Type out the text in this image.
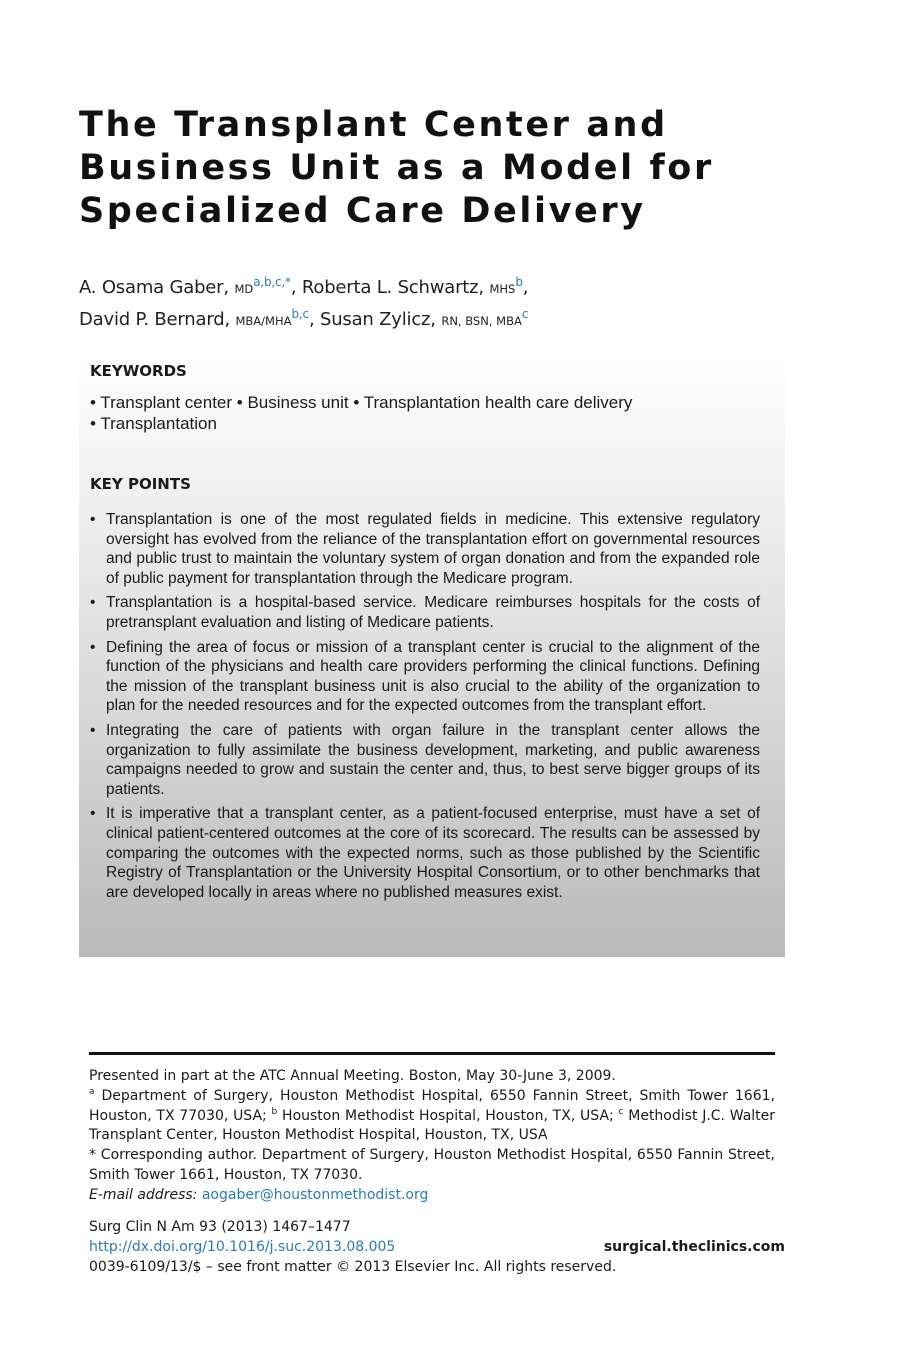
The Transplant Center and
Business Unit as a Model for
Specialized Care Delivery
A. Osama Gaber, MD$^{a,b,c,*}$, Roberta L. Schwartz, MHS$^b$,
David P. Bernard, MBA/MHA$^{b,c}$, Susan Zylicz, RN, BSN, MBA$^c$
KEYWORDS
• Transplant center • Business unit • Transplantation health care delivery
• Transplantation
KEY POINTS
• Transplantation is one of the most regulated fields in medicine. This extensive regulatory oversight has evolved from the reliance of the transplantation effort on governmental resources and public trust to maintain the voluntary system of organ donation and from the expanded role of public payment for transplantation through the Medicare program.
• Transplantation is a hospital-based service. Medicare reimburses hospitals for the costs of pretransplant evaluation and listing of Medicare patients.
• Defining the area of focus or mission of a transplant center is crucial to the alignment of the function of the physicians and health care providers performing the clinical functions. Defining the mission of the transplant business unit is also crucial to the ability of the organization to plan for the needed resources and for the expected outcomes from the transplant effort.
• Integrating the care of patients with organ failure in the transplant center allows the organization to fully assimilate the business development, marketing, and public awareness campaigns needed to grow and sustain the center and, thus, to best serve bigger groups of its patients.
• It is imperative that a transplant center, as a patient-focused enterprise, must have a set of clinical patient-centered outcomes at the core of its scorecard. The results can be assessed by comparing the outcomes with the expected norms, such as those published by the Scientific Registry of Transplantation or the University Hospital Consortium, or to other benchmarks that are developed locally in areas where no published measures exist.

Presented in part at the ATC Annual Meeting. Boston, May 30-June 3, 2009.

$^a$ Department of Surgery, Houston Methodist Hospital, 6550 Fannin Street, Smith Tower 1661, Houston, TX 77030, USA; $^b$ Houston Methodist Hospital, Houston, TX, USA; $^c$ Methodist J.C. Walter Transplant Center, Houston Methodist Hospital, Houston, TX, USA

* Corresponding author. Department of Surgery, Houston Methodist Hospital, 6550 Fannin Street, Smith Tower 1661, Houston, TX 77030.

E-mail address: aogaber@houstonmethodist.org

Surg Clin N Am 93 (2013) 1467–1477
http://dx.doi.org/10.1016/j.suc.2013.08.005	surgical.theclinics.com
0039-6109/13/$ – see front matter © 2013 Elsevier Inc. All rights reserved.
